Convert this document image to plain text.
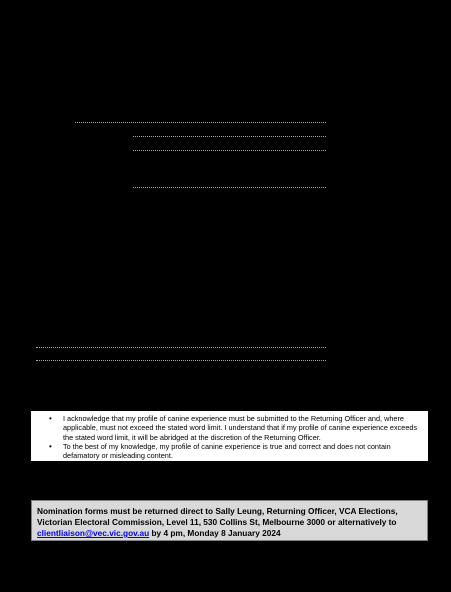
• I acknowledge that my profile of canine experience must be submitted to the Returning Officer and, where applicable, must not exceed the stated word limit. I understand that if my profile of canine experience exceeds the stated word limit, it will be abridged at the discretion of the Returning Officer.
• To the best of my knowledge, my profile of canine experience is true and correct and does not contain defamatory or misleading content.
Nomination forms must be returned direct to Sally Leung, Returning Officer, VCA Elections, Victorian Electoral Commission, Level 11, 530 Collins St, Melbourne 3000 or alternatively to clientliaison@vec.vic.gov.au by 4 pm, Monday 8 January 2024
